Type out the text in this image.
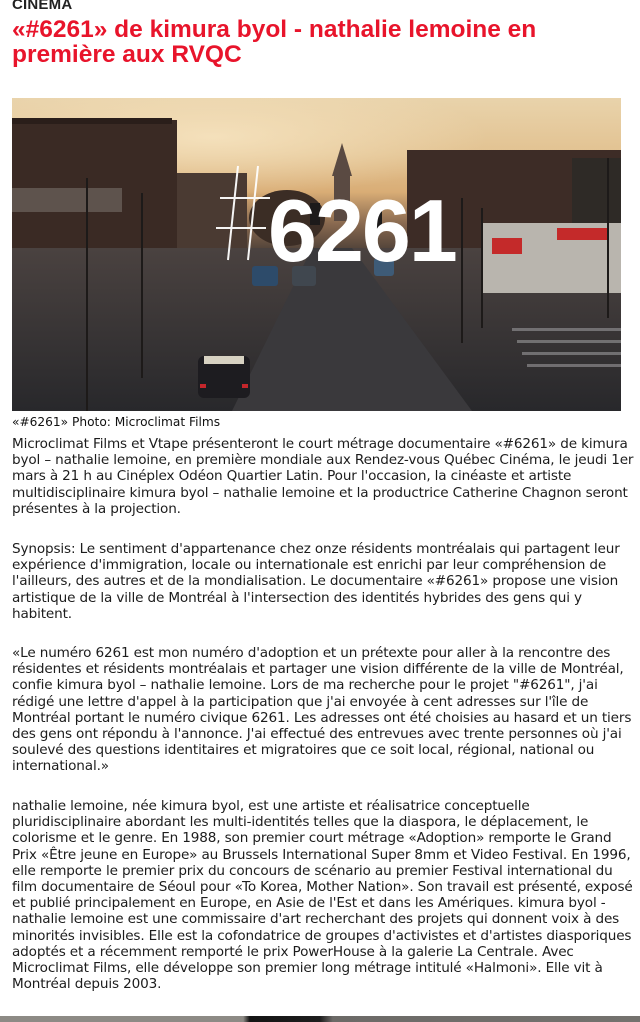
CINEMA
«#6261» de kimura byol - nathalie lemoine en première aux RVQC
6261
«#6261» Photo: Microclimat Films

Microclimat Films et Vtape présenteront le court métrage documentaire «#6261» de kimura byol – nathalie lemoine, en première mondiale aux Rendez-vous Québec Cinéma, le jeudi 1er mars à 21 h au Cinéplex Odéon Quartier Latin. Pour l'occasion, la cinéaste et artiste multidisciplinaire kimura byol – nathalie lemoine et la productrice Catherine Chagnon seront présentes à la projection.

Synopsis: Le sentiment d'appartenance chez onze résidents montréalais qui partagent leur expérience d'immigration, locale ou internationale est enrichi par leur compréhension de l'ailleurs, des autres et de la mondialisation. Le documentaire «#6261» propose une vision artistique de la ville de Montréal à l'intersection des identités hybrides des gens qui y habitent.

«Le numéro 6261 est mon numéro d'adoption et un prétexte pour aller à la rencontre des résidentes et résidents montréalais et partager une vision différente de la ville de Montréal, confie kimura byol – nathalie lemoine. Lors de ma recherche pour le projet "#6261", j'ai rédigé une lettre d'appel à la participation que j'ai envoyée à cent adresses sur l'île de Montréal portant le numéro civique 6261. Les adresses ont été choisies au hasard et un tiers des gens ont répondu à l'annonce. J'ai effectué des entrevues avec trente personnes où j'ai soulevé des questions identitaires et migratoires que ce soit local, régional, national ou international.»

nathalie lemoine, née kimura byol, est une artiste et réalisatrice conceptuelle pluridisciplinaire abordant les multi-identités telles que la diaspora, le déplacement, le colorisme et le genre. En 1988, son premier court métrage «Adoption» remporte le Grand Prix «Être jeune en Europe» au Brussels International Super 8mm et Video Festival. En 1996, elle remporte le premier prix du concours de scénario au premier Festival international du film documentaire de Séoul pour «To Korea, Mother Nation». Son travail est présenté, exposé et publié principalement en Europe, en Asie de l'Est et dans les Amériques. kimura byol - nathalie lemoine est une commissaire d'art recherchant des projets qui donnent voix à des minorités invisibles. Elle est la cofondatrice de groupes d'activistes et d'artistes diasporiques adoptés et a récemment remporté le prix PowerHouse à la galerie La Centrale. Avec Microclimat Films, elle développe son premier long métrage intitulé «Halmoni». Elle vit à Montréal depuis 2003.
